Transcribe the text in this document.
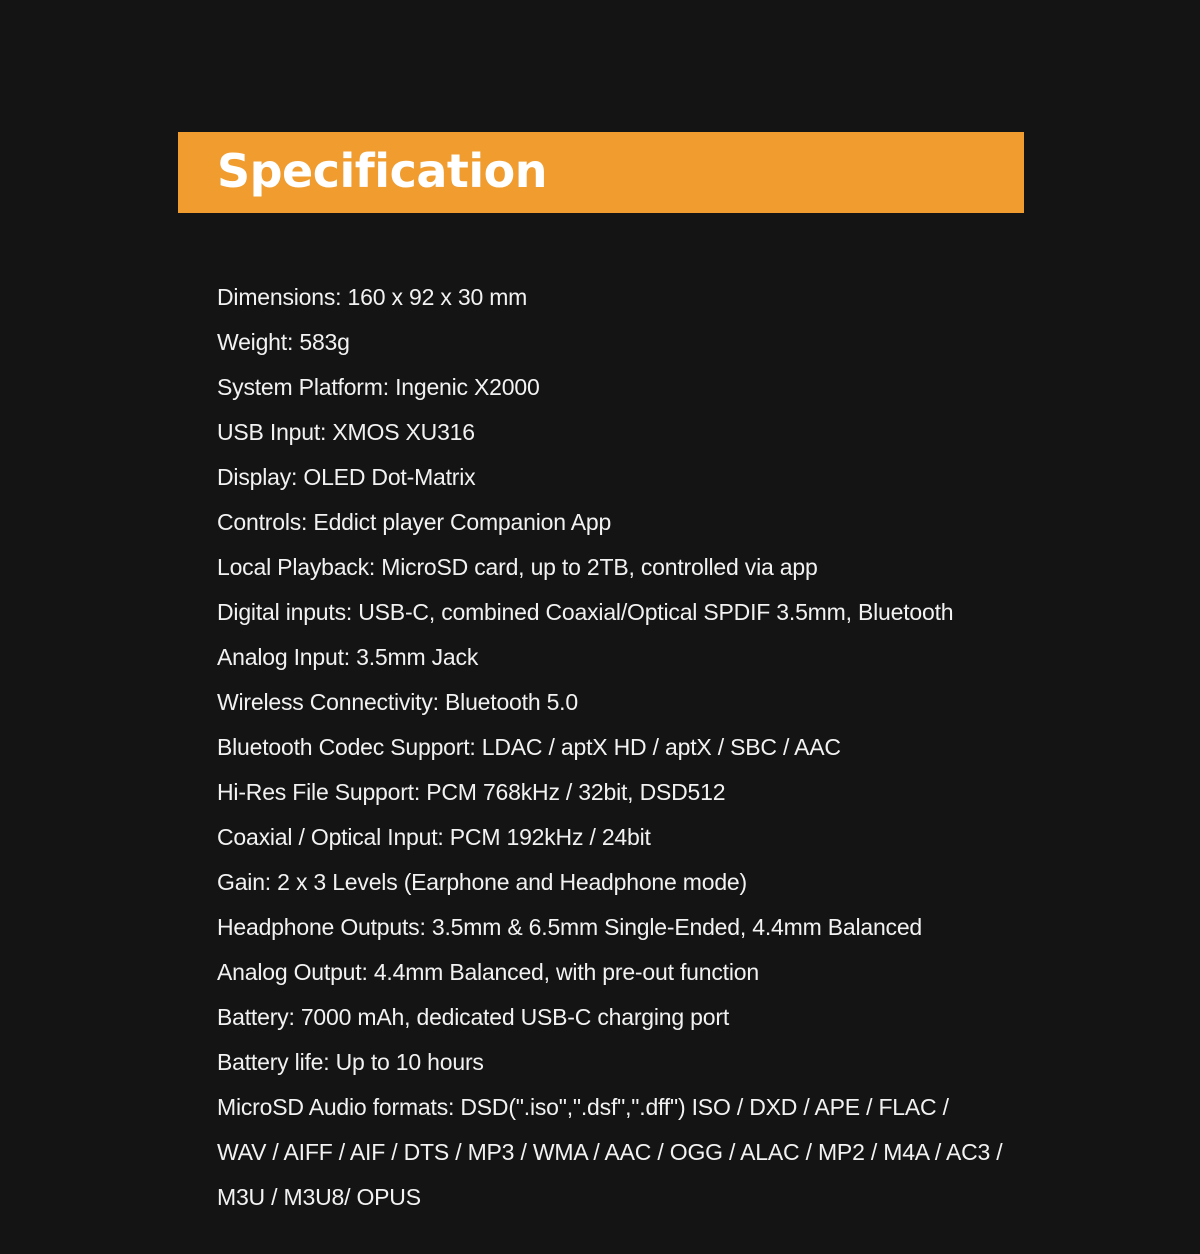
Specification
Dimensions: 160 x 92 x 30 mm
Weight: 583g
System Platform: Ingenic X2000
USB Input: XMOS XU316
Display: OLED Dot-Matrix
Controls: Eddict player Companion App
Local Playback: MicroSD card, up to 2TB, controlled via app
Digital inputs: USB-C, combined Coaxial/Optical SPDIF 3.5mm, Bluetooth
Analog Input: 3.5mm Jack
Wireless Connectivity: Bluetooth 5.0
Bluetooth Codec Support: LDAC / aptX HD / aptX / SBC / AAC
Hi-Res File Support: PCM 768kHz / 32bit, DSD512
Coaxial / Optical Input: PCM 192kHz / 24bit
Gain: 2 x 3 Levels (Earphone and Headphone mode)
Headphone Outputs: 3.5mm & 6.5mm Single-Ended, 4.4mm Balanced
Analog Output: 4.4mm Balanced, with pre-out function
Battery: 7000 mAh, dedicated USB-C charging port
Battery life: Up to 10 hours
MicroSD Audio formats: DSD(".iso",".dsf",".dff") ISO / DXD / APE / FLAC /
WAV / AIFF / AIF / DTS / MP3 / WMA / AAC / OGG / ALAC / MP2 / M4A / AC3 /
M3U / M3U8/ OPUS
